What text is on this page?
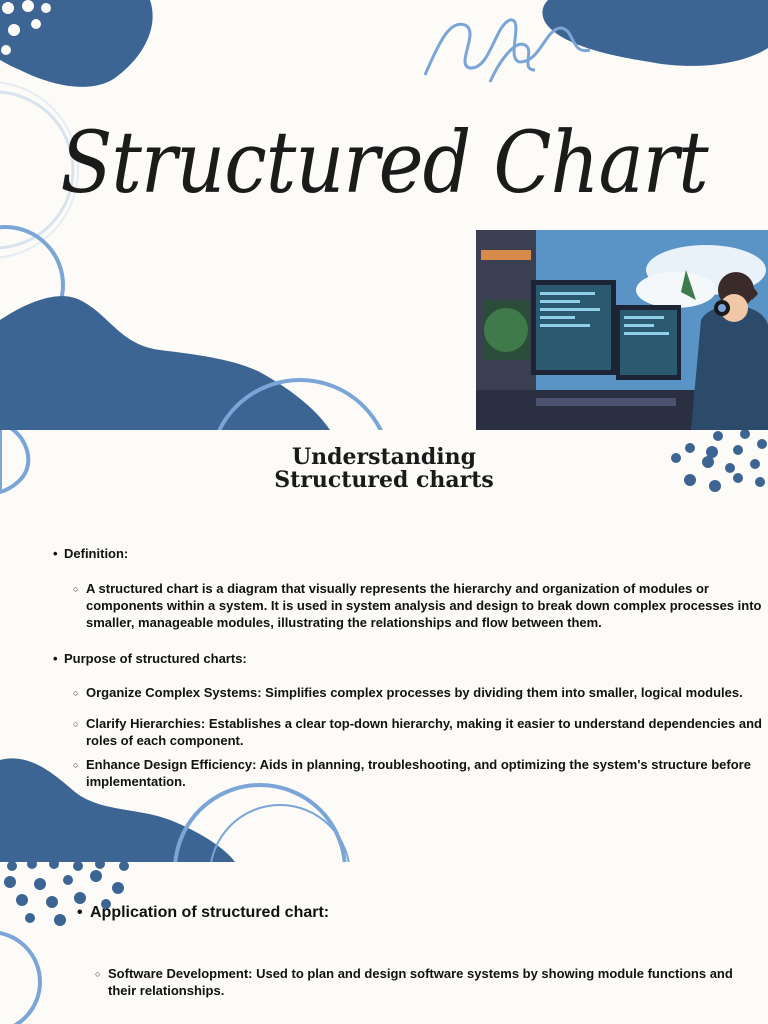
Structured Chart
Understanding
Structured charts
• Definition:
○ A structured chart is a diagram that visually represents the hierarchy and organization of modules or components within a system. It is used in system analysis and design to break down complex processes into smaller, manageable modules, illustrating the relationships and flow between them.
• Purpose of structured charts:
○ Organize Complex Systems: Simplifies complex processes by dividing them into smaller, logical modules.
○ Clarify Hierarchies: Establishes a clear top-down hierarchy, making it easier to understand dependencies and roles of each component.
○ Enhance Design Efficiency: Aids in planning, troubleshooting, and optimizing the system's structure before implementation.
• Application of structured chart:
○ Software Development: Used to plan and design software systems by showing module functions and their relationships.
